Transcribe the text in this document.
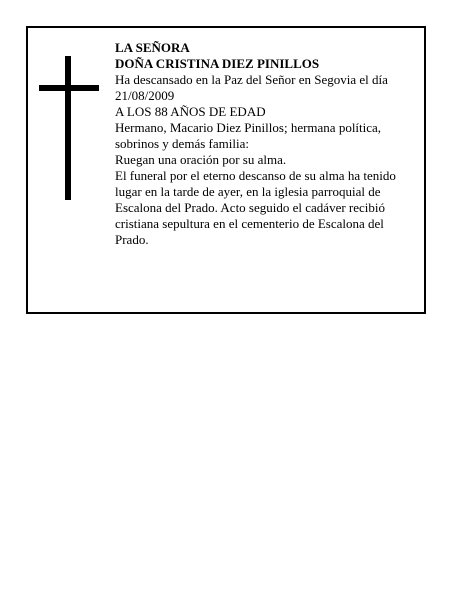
LA SEÑORA

DOÑA CRISTINA DIEZ PINILLOS

Ha descansado en la Paz del Señor en Segovia el día 21/08/2009

A LOS 88 AÑOS DE EDAD

Hermano, Macario Diez Pinillos; hermana política, sobrinos y demás familia:

Ruegan una oración por su alma.

El funeral por el eterno descanso de su alma ha tenido lugar en la tarde de ayer, en la iglesia parroquial de Escalona del Prado. Acto seguido el cadáver recibió cristiana sepultura en el cementerio de Escalona del Prado.
